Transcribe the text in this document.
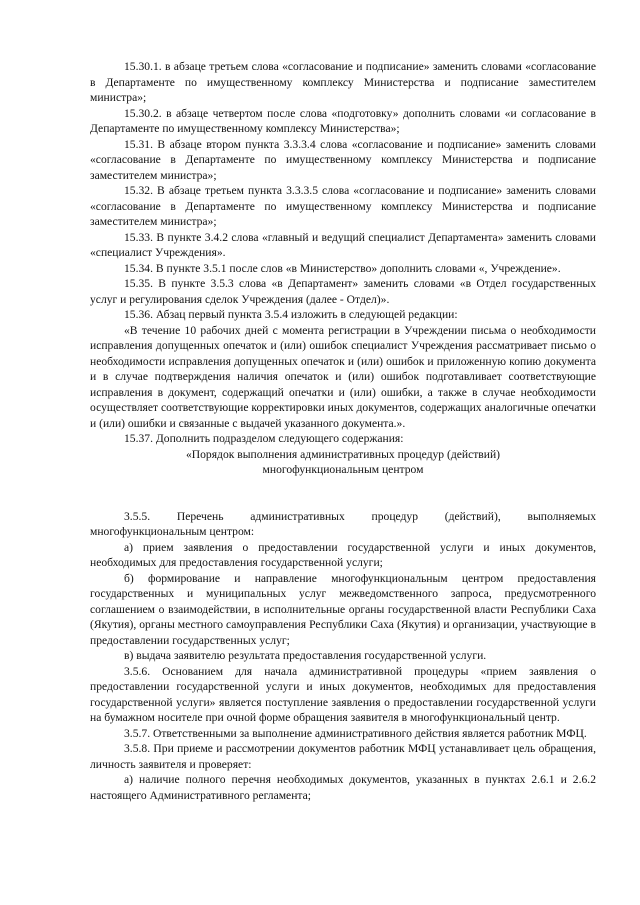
15.30.1. в абзаце третьем слова «согласование и подписание» заменить словами «согласование в Департаменте по имущественному комплексу Министерства и подписание заместителем министра»;

15.30.2. в абзаце четвертом после слова «подготовку» дополнить словами «и согласование в Департаменте по имущественному комплексу Министерства»;

15.31. В абзаце втором пункта 3.3.3.4 слова «согласование и подписание» заменить словами «согласование в Департаменте по имущественному комплексу Министерства и подписание заместителем министра»;

15.32. В абзаце третьем пункта 3.3.3.5 слова «согласование и подписание» заменить словами «согласование в Департаменте по имущественному комплексу Министерства и подписание заместителем министра»;

15.33. В пункте 3.4.2 слова «главный и ведущий специалист Департамента» заменить словами «специалист Учреждения».

15.34. В пункте 3.5.1 после слов «в Министерство» дополнить словами «, Учреждение».

15.35. В пункте 3.5.3 слова «в Департамент» заменить словами «в Отдел государственных услуг и регулирования сделок Учреждения (далее - Отдел)».

15.36. Абзац первый пункта 3.5.4 изложить в следующей редакции:

«В течение 10 рабочих дней с момента регистрации в Учреждении письма о необходимости исправления допущенных опечаток и (или) ошибок специалист Учреждения рассматривает письмо о необходимости исправления допущенных опечаток и (или) ошибок и приложенную копию документа и в случае подтверждения наличия опечаток и (или) ошибок подготавливает соответствующие исправления в документ, содержащий опечатки и (или) ошибки, а также в случае необходимости осуществляет соответствующие корректировки иных документов, содержащих аналогичные опечатки и (или) ошибки и связанные с выдачей указанного документа.».

15.37. Дополнить подразделом следующего содержания:

«Порядок выполнения административных процедур (действий)

многофункциональным центром

3.5.5. Перечень административных процедур (действий), выполняемых многофункциональным центром:

а) прием заявления о предоставлении государственной услуги и иных документов, необходимых для предоставления государственной услуги;

б) формирование и направление многофункциональным центром предоставления государственных и муниципальных услуг межведомственного запроса, предусмотренного соглашением о взаимодействии, в исполнительные органы государственной власти Республики Саха (Якутия), органы местного самоуправления Республики Саха (Якутия) и организации, участвующие в предоставлении государственных услуг;

в) выдача заявителю результата предоставления государственной услуги.

3.5.6. Основанием для начала административной процедуры «прием заявления о предоставлении государственной услуги и иных документов, необходимых для предоставления государственной услуги» является поступление заявления о предоставлении государственной услуги на бумажном носителе при очной форме обращения заявителя в многофункциональный центр.

3.5.7. Ответственными за выполнение административного действия является работник МФЦ.

3.5.8. При приеме и рассмотрении документов работник МФЦ устанавливает цель обращения, личность заявителя и проверяет:

а) наличие полного перечня необходимых документов, указанных в пунктах 2.6.1 и 2.6.2 настоящего Административного регламента;
